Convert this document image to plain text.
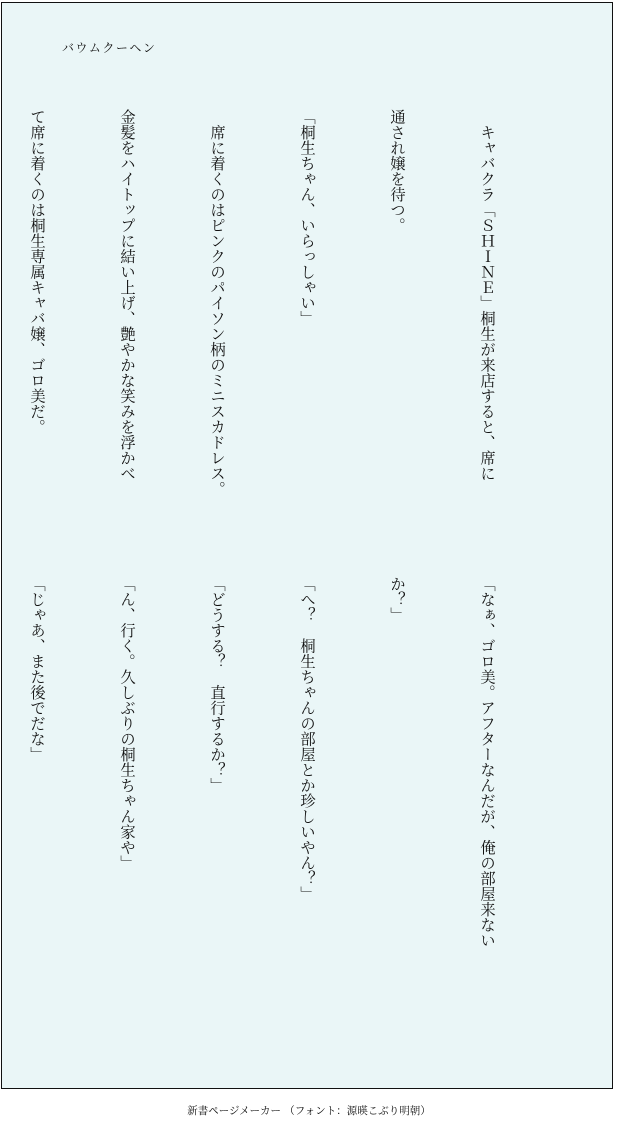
バウムクーヘン

　キャバクラ「ＳＨＩＮＥ」桐生が来店すると、席に

通され嬢を待つ。

「桐生ちゃん、いらっしゃい」

　席に着くのはピンクのパイソン柄のミニスカドレス。

金髪をハイトップに結い上げ、艶やかな笑みを浮かべ

て席に着くのは桐生専属キャバ嬢、ゴロ美だ。

「なぁ、ゴロ美。アフターなんだが、俺の部屋来ない

か？」

「へ？　桐生ちゃんの部屋とか珍しいやん？」

「どうする？　直行するか？」

「ん、行く。久しぶりの桐生ちゃん家や」

「じゃあ、また後でだな」

新書ページメーカー （フォント：源暎こぶり明朝）
